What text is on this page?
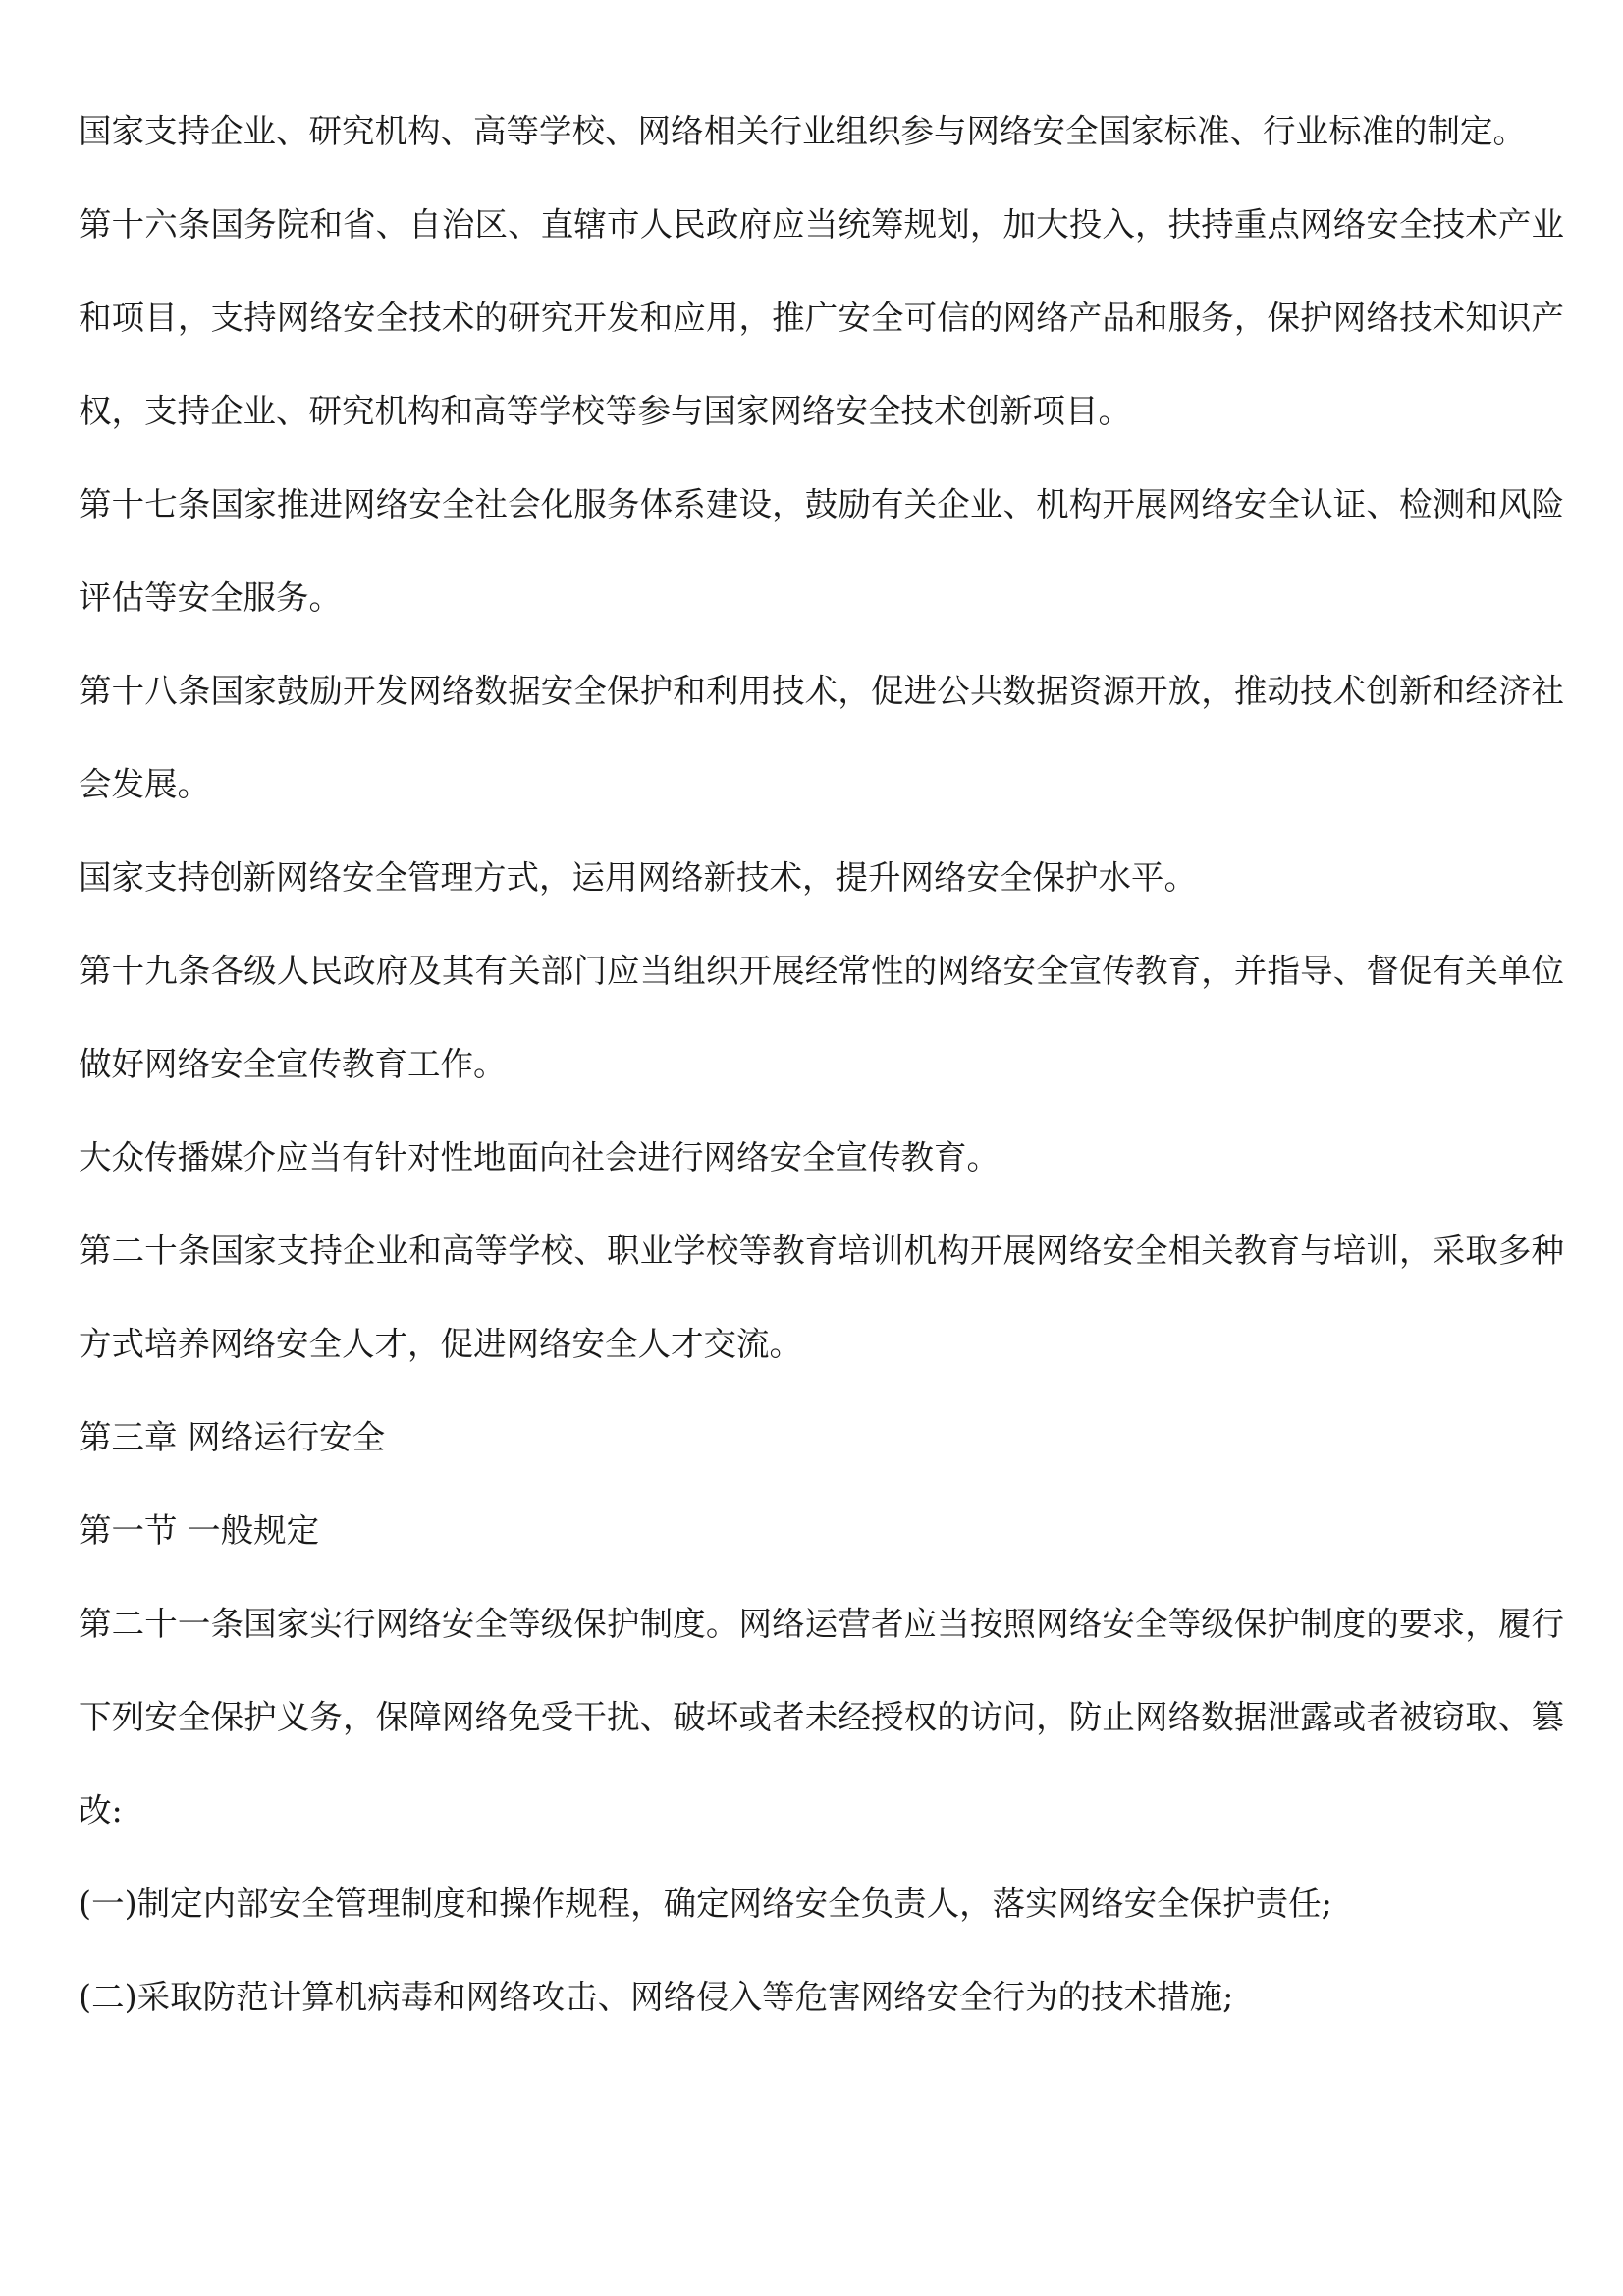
国家支持企业、研究机构、高等学校、网络相关行业组织参与网络安全国家标准、行业标准的制定。

第十六条国务院和省、自治区、直辖市人民政府应当统筹规划，加大投入，扶持重点网络安全技术产业和项目，支持网络安全技术的研究开发和应用，推广安全可信的网络产品和服务，保护网络技术知识产权，支持企业、研究机构和高等学校等参与国家网络安全技术创新项目。

第十七条国家推进网络安全社会化服务体系建设，鼓励有关企业、机构开展网络安全认证、检测和风险评估等安全服务。

第十八条国家鼓励开发网络数据安全保护和利用技术，促进公共数据资源开放，推动技术创新和经济社会发展。

国家支持创新网络安全管理方式，运用网络新技术，提升网络安全保护水平。

第十九条各级人民政府及其有关部门应当组织开展经常性的网络安全宣传教育，并指导、督促有关单位做好网络安全宣传教育工作。

大众传播媒介应当有针对性地面向社会进行网络安全宣传教育。

第二十条国家支持企业和高等学校、职业学校等教育培训机构开展网络安全相关教育与培训，采取多种方式培养网络安全人才，促进网络安全人才交流。

第三章 网络运行安全

第一节 一般规定

第二十一条国家实行网络安全等级保护制度。网络运营者应当按照网络安全等级保护制度的要求，履行下列安全保护义务，保障网络免受干扰、破坏或者未经授权的访问，防止网络数据泄露或者被窃取、篡改:

(一)制定内部安全管理制度和操作规程，确定网络安全负责人，落实网络安全保护责任;

(二)采取防范计算机病毒和网络攻击、网络侵入等危害网络安全行为的技术措施;
